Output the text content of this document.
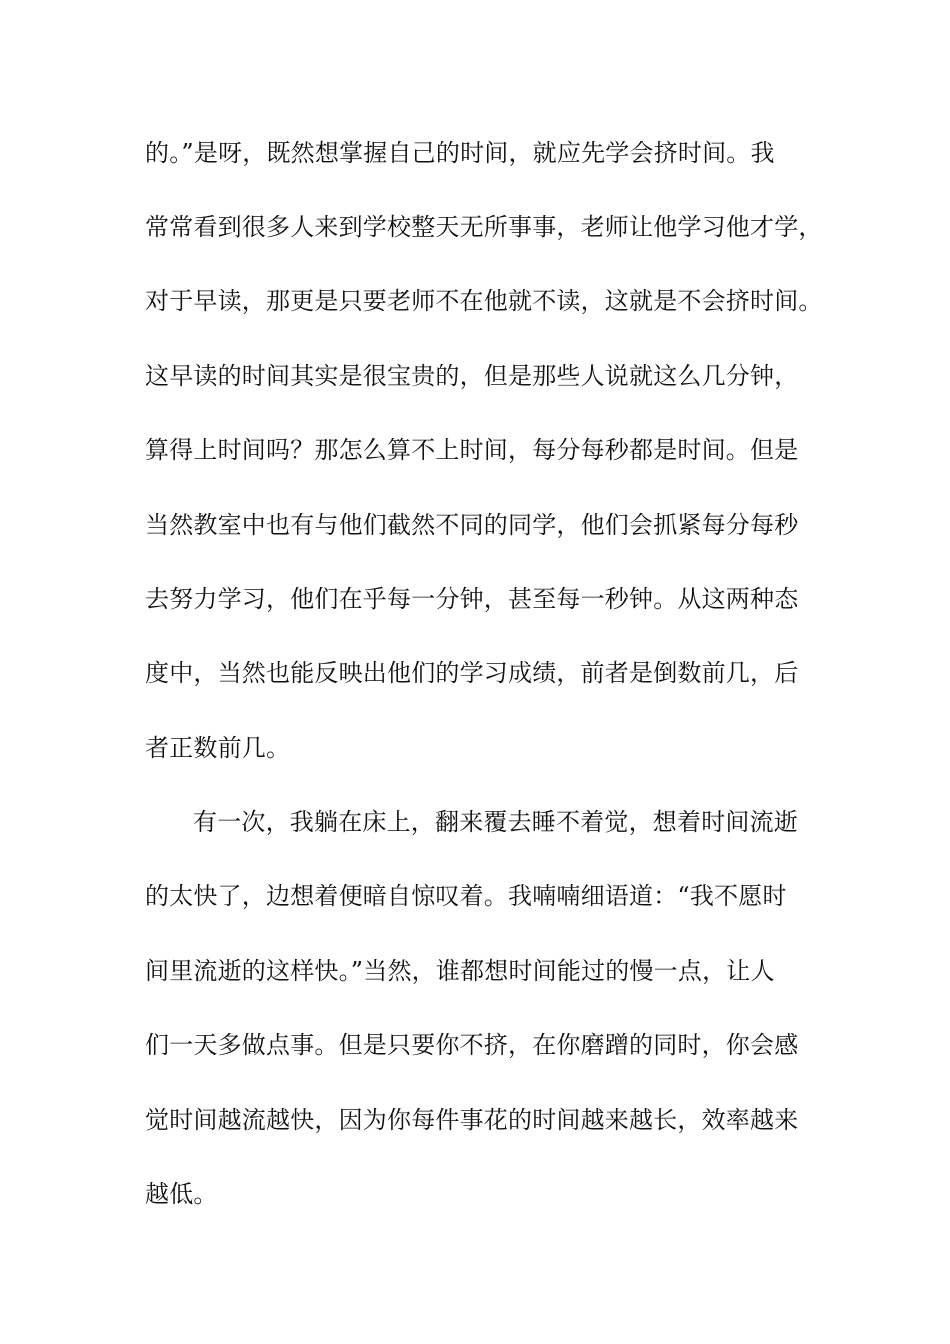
的。”是呀，既然想掌握自己的时间，就应先学会挤时间。我
常常看到很多人来到学校整天无所事事，老师让他学习他才学，
对于早读，那更是只要老师不在他就不读，这就是不会挤时间。
这早读的时间其实是很宝贵的，但是那些人说就这么几分钟，
算得上时间吗？那怎么算不上时间，每分每秒都是时间。但是
当然教室中也有与他们截然不同的同学，他们会抓紧每分每秒
去努力学习，他们在乎每一分钟，甚至每一秒钟。从这两种态
度中，当然也能反映出他们的学习成绩，前者是倒数前几，后
者正数前几。
有一次，我躺在床上，翻来覆去睡不着觉，想着时间流逝
的太快了，边想着便暗自惊叹着。我喃喃细语道：“我不愿时
间里流逝的这样快。”当然，谁都想时间能过的慢一点，让人
们一天多做点事。但是只要你不挤，在你磨蹭的同时，你会感
觉时间越流越快，因为你每件事花的时间越来越长，效率越来
越低。
